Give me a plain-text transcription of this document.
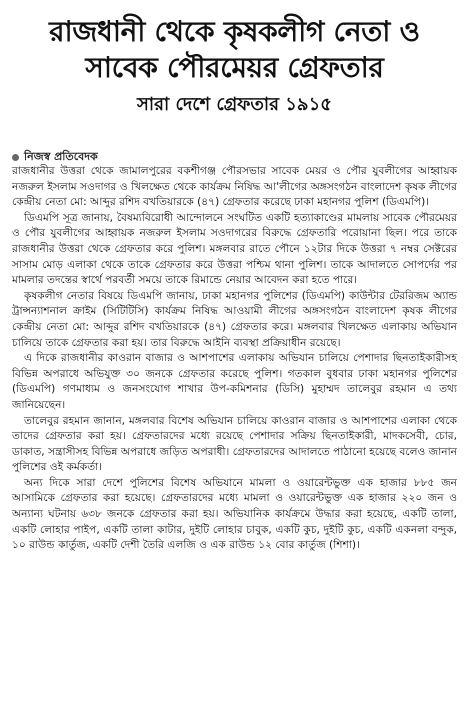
রাজধানী থেকে কৃষকলীগ নেতা ও
সাবেক পৌরমেয়র গ্রেফতার
সারা দেশে গ্রেফতার ১৯১৫
নিজস্ব প্রতিবেদক

রাজধানীর উত্তরা থেকে জামালপুরের বকশীগঞ্জ পৌরসভার সাবেক মেয়র ও পৌর যুবলীগের আহ্বায়ক নজরুল ইসলাম সওদাগর ও খিলক্ষেত থেকে কার্যক্রম নিষিদ্ধ আ'লীগের অঙ্গসংগঠন বাংলাদেশ কৃষক লীগের কেন্দ্রীয় নেতা মো: আব্দুর রশিদ বখতিয়ারকে (৪৭) গ্রেফতার করেছে ঢাকা মহানগর পুলিশ (ডিএমপি)।

ডিএমপি সূত্র জানায়, বৈষম্যবিরোধী আন্দোলনে সংঘটিত একটি হত্যাকাণ্ডের মামলায় সাবেক পৌরমেয়র ও পৌর যুবলীগের আহ্বায়ক নজরুল ইসলাম সওদাগরের বিরুদ্ধে গ্রেফতারি পরোয়ানা ছিল। পরে তাকে রাজধানীর উত্তরা থেকে গ্রেফতার করে পুলিশ। মঙ্গলবার রাতে পৌনে ১২টার দিকে উত্তরা ৭ নম্বর সেক্টরের সাসাম মোড় এলাকা থেকে তাকে গ্রেফতার করে উত্তরা পশ্চিম থানা পুলিশ। তাকে আদালতে সোপর্দের পর মামলার তদন্তের স্বার্থে পরবর্তী সময়ে তাকে রিমান্ডে নেয়ার আবেদন করা হতে পারে।

কৃষকলীগ নেতার বিষয়ে ডিএমপি জানায়, ঢাকা মহানগর পুলিশের (ডিএমপি) কাউন্টার টেররিজম অ্যান্ড ট্রান্সন্যাশনাল ক্রাইম (সিটিটিসি) কার্যক্রম নিষিদ্ধ আওয়ামী লীগের অঙ্গসংগঠন বাংলাদেশ কৃষক লীগের কেন্দ্রীয় নেতা মো: আব্দুর রশিদ বখতিয়ারকে (৪৭) গ্রেফতার করে। মঙ্গলবার খিলক্ষেত এলাকায় অভিযান চালিয়ে তাকে গ্রেফতার করা হয়। তার বিরুদ্ধে আইনি ব্যবস্থা প্রক্রিয়াধীন রয়েছে।

এ দিকে রাজধানীর কাওরান বাজার ও আশপাশের এলাকায় অভিযান চালিয়ে পেশাদার ছিনতাইকারীসহ বিভিন্ন অপরাধে অভিযুক্ত ৩০ জনকে গ্রেফতার করেছে পুলিশ। গতকাল বুধবার ঢাকা মহানগর পুলিশের (ডিএমপি) গণমাধ্যম ও জনসংযোগ শাখার উপ-কমিশনার (ডিসি) মুহাম্মদ তালেবুর রহমান এ তথ্য জানিয়েছেন।

তালেবুর রহমান জানান, মঙ্গলবার বিশেষ অভিযান চালিয়ে কাওরান বাজার ও আশপাশের এলাকা থেকে তাদের গ্রেফতার করা হয়। গ্রেফতারদের মধ্যে রয়েছে পেশাদার সক্রিয় ছিনতাইকারী, মাদকসেবী, চোর, ডাকাত, সন্ত্রাসীসহ বিভিন্ন অপরাধে জড়িত অপরাধী। গ্রেফতারদের আদালতে পাঠানো হয়েছে বলেও জানান পুলিশের ওই কর্মকর্তা।

অন্য দিকে সারা দেশে পুলিশের বিশেষ অভিযানে মামলা ও ওয়ারেন্টভুক্ত এক হাজার ৮৮৫ জন আসামিকে গ্রেফতার করা হয়েছে। গ্রেফতারদের মধ্যে মামলা ও ওয়ারেন্টভুক্ত এক হাজার ২২০ জন ও অন্যান্য ঘটনায় ৬৩৮ জনকে গ্রেফতার করা হয়। অভিযানিক কার্যক্রমে উদ্ধার করা হয়েছে, একটি তালা, একটি লোহার পাইপ, একটি তালা কাটার, দুইটি লোহার চাবুক, একটি কুচ, দুইটি কুচ, একটি একনলা বন্দুক, ১০ রাউন্ড কার্তুজ, একটি দেশী তৈরি এলজি ও এক রাউন্ড ১২ বোর কার্তুজ (শিশা)।
